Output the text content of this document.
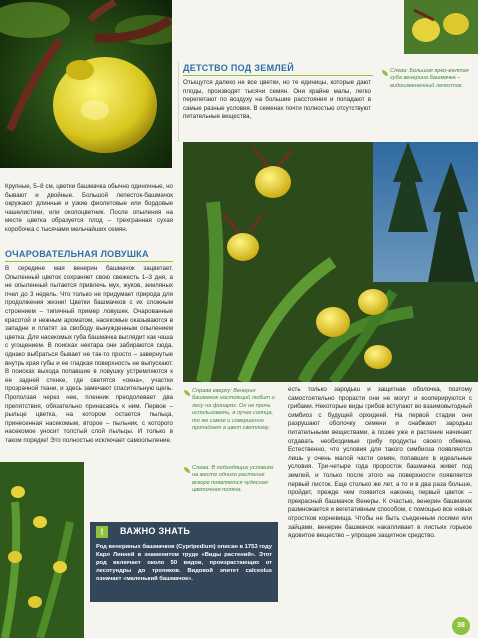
ДЕТСТВО ПОД ЗЕМЛЕЙ
Отыщутся далеко не все цветки, но те единицы, которые дают плоды, производят тысячи семян. Они крайне малы, легко перелетают по воздуху на большие расстояния и попадают в самые разные условия. В семенах почти полностью отсутствуют питательные вещества,
Слева: Большая ярко-желтая губа венерина башмачка – видоизмененный лепесток.
Крупные, 5–8 см, цветки башмачка обычно одиночные, но бывают и двойные. Большой лепесток-башмачок окружают длинные и узкие фиолетовые или бордовые чашелистики, или околоцветник. После опыления на месте цветка образуется плод – трехгранная сухая коробочка с тысячами мельчайших семян.
ОЧАРОВАТЕЛЬНАЯ ЛОВУШКА
В середине мая венерин башмачок зацветает. Опыленный цветок сохраняет свою свежесть 1–3 дня, а не опыленный пытается привлечь мух, жуков, земляных пчел до 3 недель. Что только не придумает природа для продолжения жизни! Цветки башмачков с их сложным строением – типичный пример ловушек. Очарованные красотой и нежным ароматом, насекомые оказываются в западне и платят за свободу вынужденным опылением цветка. Для насекомых губа башмачка выглядит как чаша с угощением. В поисках нектара они забираются сюда, однако выбраться бывает не так-то просто – завернутые внутрь края губы и ее гладкая поверхность не выпускают. В поисках выхода попавшие в ловушку устремляются к ее задней стенке, где светятся «окна», участки прозрачной ткани, и здесь замечают спасительную щель. Проползая через нее, пленник преодолевает два препятствия, обязательно принасаясь к ним. Первое – рыльце цветка, на котором остается пыльца, принесенная насекомым, второе – пыльник, с которого насекомое уносит толстый слой пыльцы. И только в таком порядке! Это полностью исключает самоопыление.
Справа вверху: Венерин башмачок настоящий любит и лесу на фонарях. Он не прочь использовать, в лучах солнца, то же самое и совершенно пропадает в цвет светлому.
Слева: В подходящих условиях на месте одного растение вскоре появляется чудесная цветочная поляна.
есть только зародыш и защитная оболочка, поэтому самостоятельно прорасти они не могут и кооперируются с грибами. Некоторые виды грибов вступают во взаимовыгодный симбиоз с будущей орхидеей. На первой стадии они разрушают оболочку семени и снабжают зародыш питательными веществами, а позже уже и растение начинает отдавать необходимые грибу продукты своего обмена. Естественно, что условия для такого симбиоза появляются лишь у очень малой части семян, попавших в идеальные условия. Три-четыре года проросток башмачка живет под землей, и только после этого на поверхности появляется первый листок. Еще столько же лет, а то и в два раза больше, пройдет, прежде чем появится наконец первый цветок – прекрасный башмачок Венеры. К счастью, венерин башмачок размножается и вегетативным способом, с помощью все новых отростков корневища. Чтобы не быть съеденным лосями или зайцами, венерин башмачок накапливает в листьях горькое ядовитое вещество – упрощее защитное средство.
!	ВАЖНО ЗНАТЬ
Род венериных башмачков (Cypripedium) описан в 1753 году Карл Линней в знаменитом труде «Виды растений». Этот род включает около 50 видов, произрастающих от лесотундры до тропиков. Видовой эпитет calceolus означает «маленький башмачок».
38
